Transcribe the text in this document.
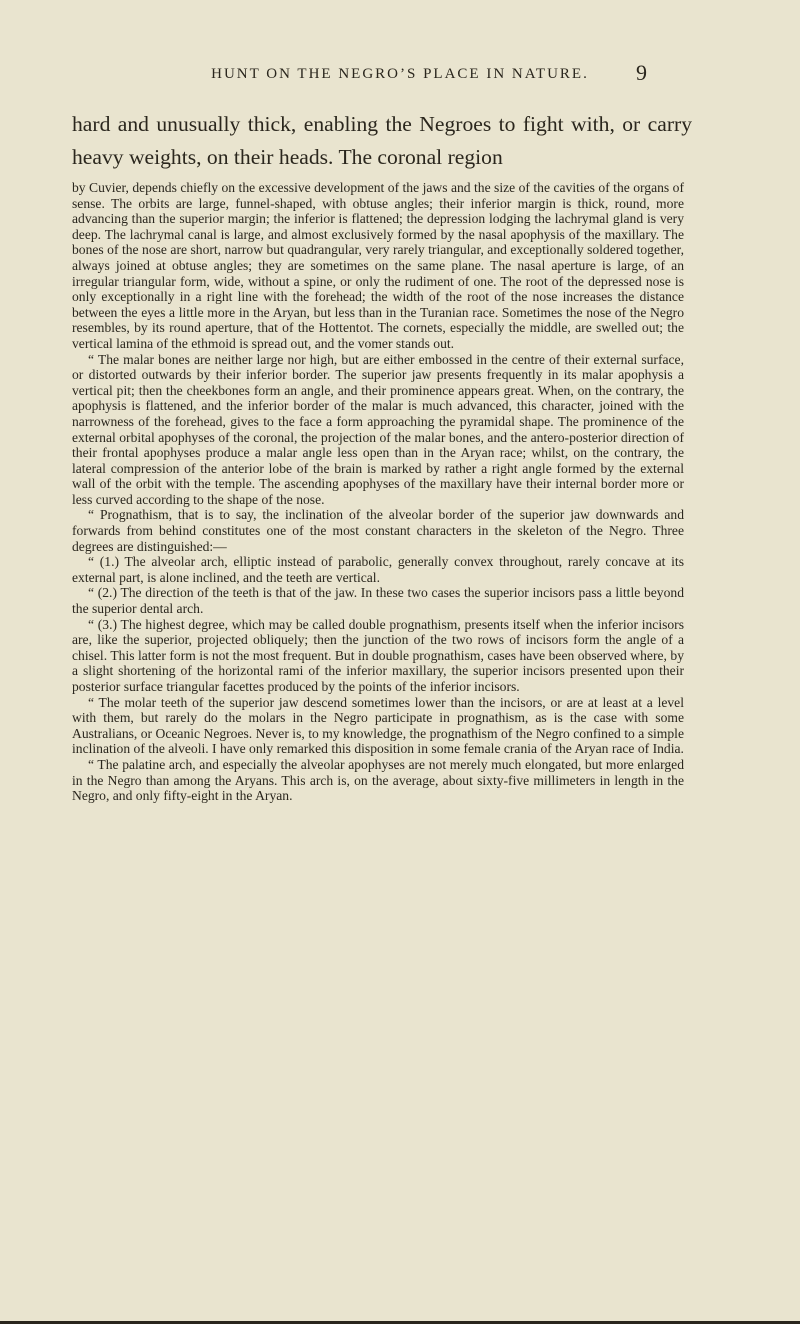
HUNT ON THE NEGRO’S PLACE IN NATURE.	9
hard and unusually thick, enabling the Negroes to fight with, or carry heavy weights, on their heads. The coronal region

by Cuvier, depends chiefly on the excessive development of the jaws and the size of the cavities of the organs of sense. The orbits are large, funnel-shaped, with obtuse angles; their inferior margin is thick, round, more advancing than the superior margin; the inferior is flattened; the depression lodging the lachrymal gland is very deep. The lachrymal canal is large, and almost exclusively formed by the nasal apophysis of the maxillary. The bones of the nose are short, narrow but quadrangular, very rarely triangular, and exceptionally soldered together, always joined at obtuse angles; they are sometimes on the same plane. The nasal aperture is large, of an irregular triangular form, wide, without a spine, or only the rudiment of one. The root of the depressed nose is only exceptionally in a right line with the forehead; the width of the root of the nose increases the distance between the eyes a little more in the Aryan, but less than in the Turanian race. Sometimes the nose of the Negro resembles, by its round aperture, that of the Hottentot. The cornets, especially the middle, are swelled out; the vertical lamina of the ethmoid is spread out, and the vomer stands out.

“ The malar bones are neither large nor high, but are either embossed in the centre of their external surface, or distorted outwards by their inferior border. The superior jaw presents frequently in its malar apophysis a vertical pit; then the cheekbones form an angle, and their prominence appears great. When, on the contrary, the apophysis is flattened, and the inferior border of the malar is much advanced, this character, joined with the narrowness of the forehead, gives to the face a form approaching the pyramidal shape. The prominence of the external orbital apophyses of the coronal, the projection of the malar bones, and the antero-posterior direction of their frontal apophyses produce a malar angle less open than in the Aryan race; whilst, on the contrary, the lateral compression of the anterior lobe of the brain is marked by rather a right angle formed by the external wall of the orbit with the temple. The ascending apophyses of the maxillary have their internal border more or less curved according to the shape of the nose.

“ Prognathism, that is to say, the inclination of the alveolar border of the superior jaw downwards and forwards from behind constitutes one of the most constant characters in the skeleton of the Negro. Three degrees are distinguished:—

“ (1.) The alveolar arch, elliptic instead of parabolic, generally convex throughout, rarely concave at its external part, is alone inclined, and the teeth are vertical.

“ (2.) The direction of the teeth is that of the jaw. In these two cases the superior incisors pass a little beyond the superior dental arch.

“ (3.) The highest degree, which may be called double prognathism, presents itself when the inferior incisors are, like the superior, projected obliquely; then the junction of the two rows of incisors form the angle of a chisel. This latter form is not the most frequent. But in double prognathism, cases have been observed where, by a slight shortening of the horizontal rami of the inferior maxillary, the superior incisors presented upon their posterior surface triangular facettes produced by the points of the inferior incisors.

“ The molar teeth of the superior jaw descend sometimes lower than the incisors, or are at least at a level with them, but rarely do the molars in the Negro participate in prognathism, as is the case with some Australians, or Oceanic Negroes. Never is, to my knowledge, the prognathism of the Negro confined to a simple inclination of the alveoli. I have only remarked this disposition in some female crania of the Aryan race of India.

“ The palatine arch, and especially the alveolar apophyses are not merely much elongated, but more enlarged in the Negro than among the Aryans. This arch is, on the average, about sixty-five millimeters in length in the Negro, and only fifty-eight in the Aryan.
